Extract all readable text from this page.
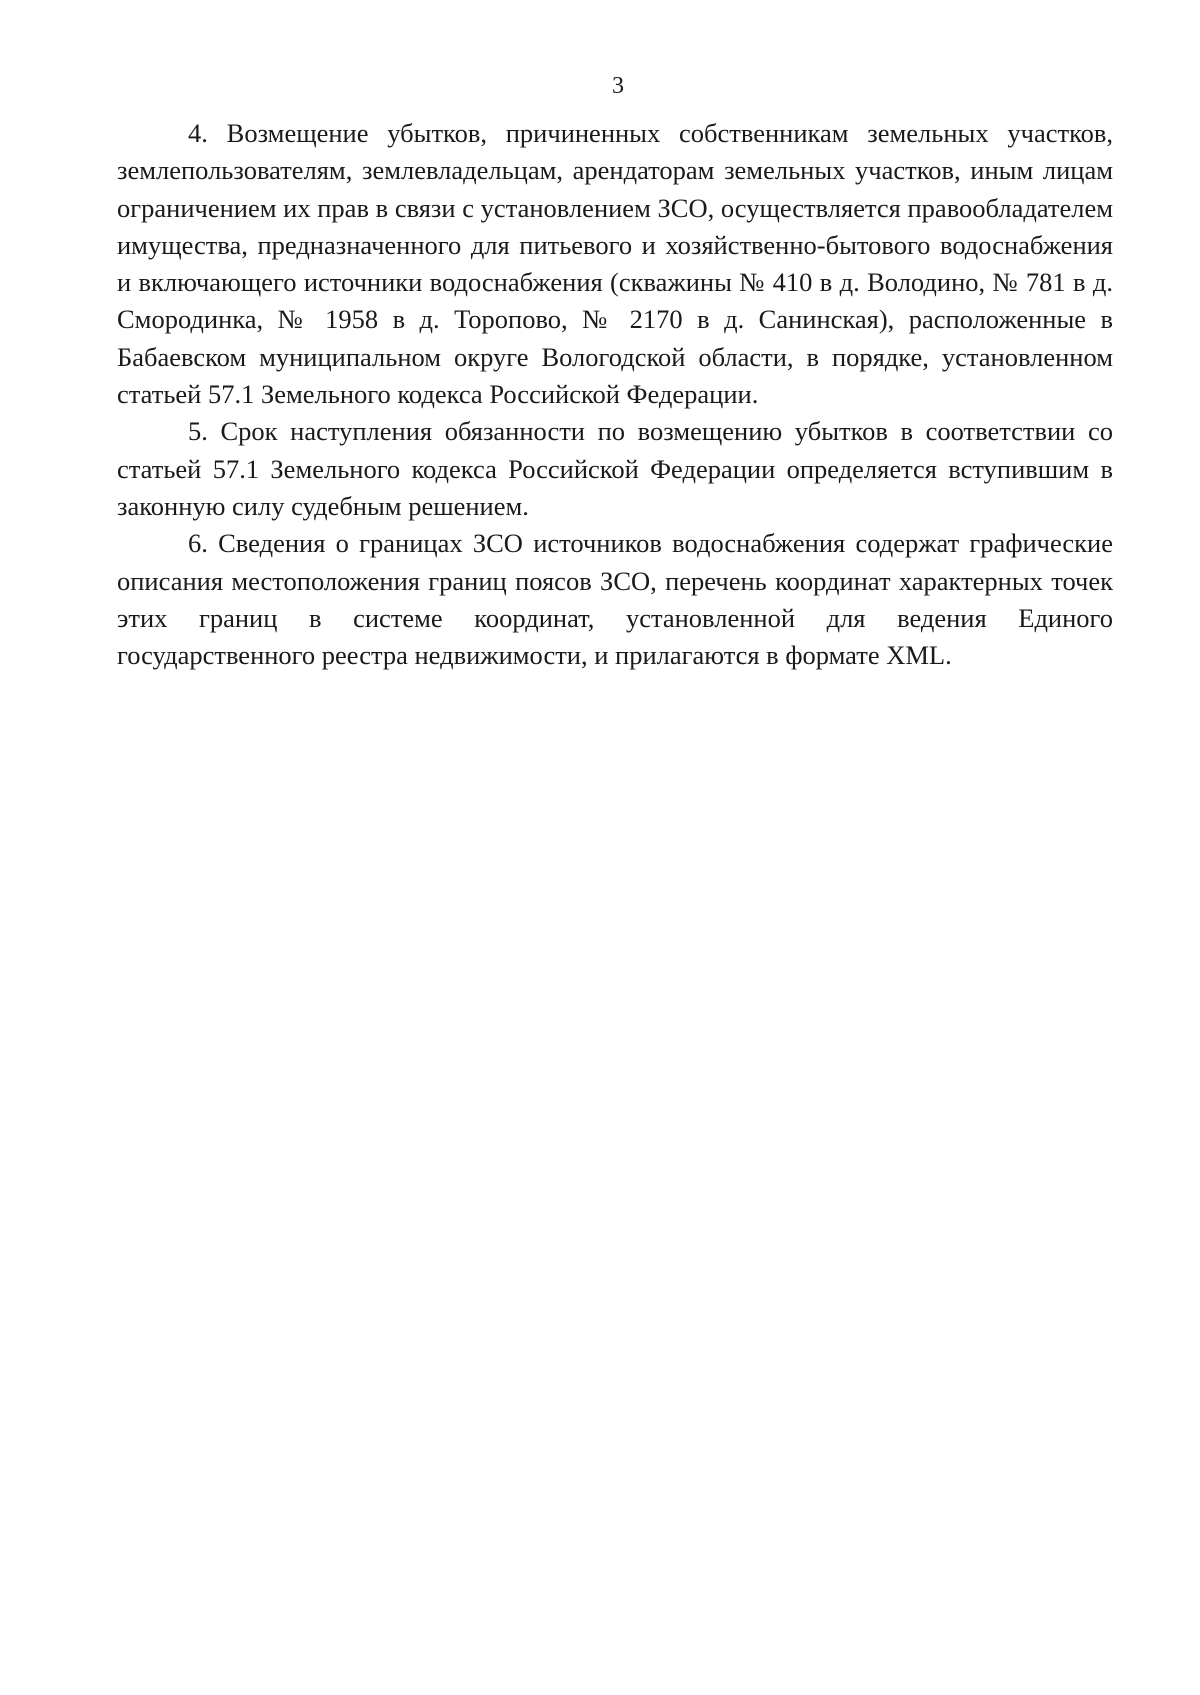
3

4. Возмещение убытков, причиненных собственникам земельных участков, землепользователям, землевладельцам, арендаторам земельных участков, иным лицам ограничением их прав в связи с установлением ЗСО, осуществляется правообладателем имущества, предназначенного для питьевого и хозяйственно-бытового водоснабжения и включающего источники водоснабжения (скважины № 410 в д. Володино, № 781 в д. Смородинка, № 1958 в д. Торопово, № 2170 в д. Санинская), расположенные в Бабаевском муниципальном округе Вологодской области, в порядке, установленном статьей 57.1 Земельного кодекса Российской Федерации.

5. Срок наступления обязанности по возмещению убытков в соответствии со статьей 57.1 Земельного кодекса Российской Федерации определяется вступившим в законную силу судебным решением.

6. Сведения о границах ЗСО источников водоснабжения содержат графические описания местоположения границ поясов ЗСО, перечень координат характерных точек этих границ в системе координат, установленной для ведения Единого государственного реестра недвижимости, и прилагаются в формате XML.
